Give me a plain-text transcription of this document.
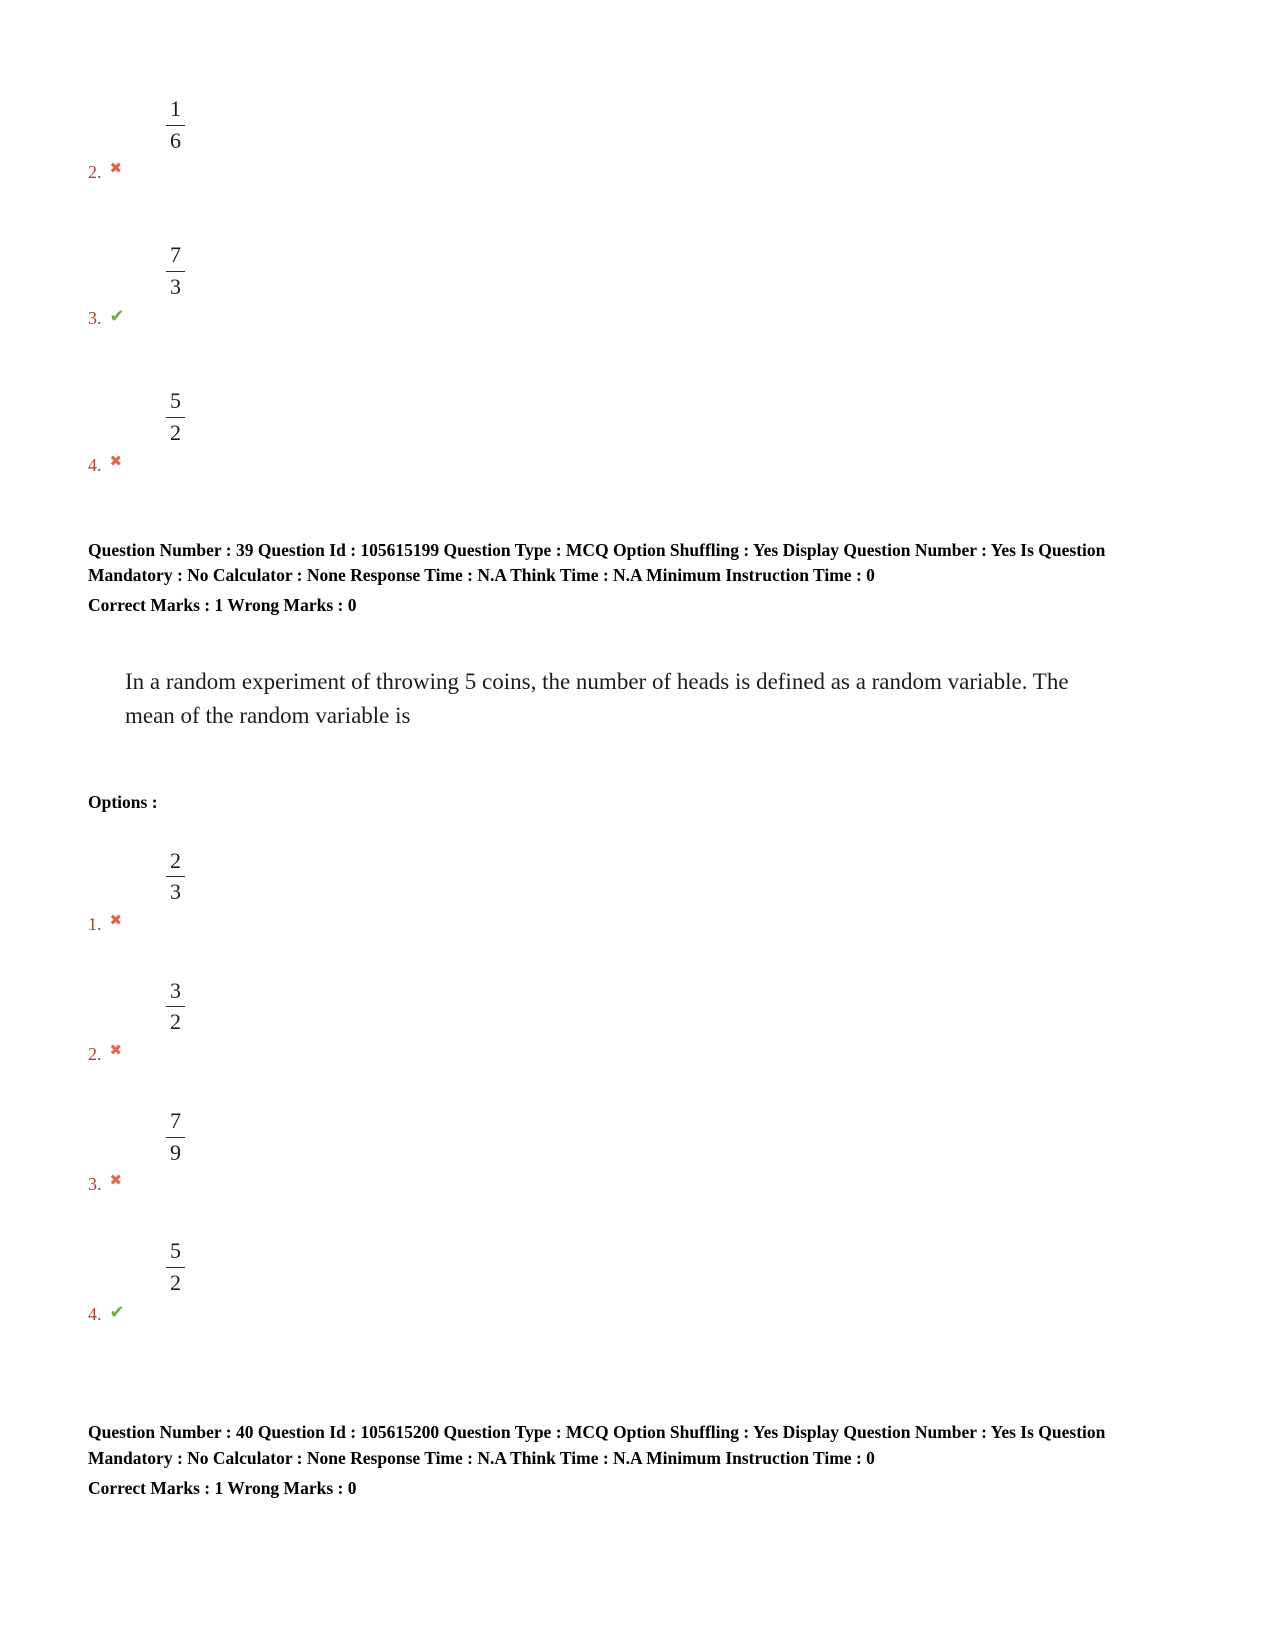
$\frac{1}{6}$
2. ✖
$\frac{7}{3}$
3. ✔
$\frac{5}{2}$
4. ✖

Question Number : 39 Question Id : 105615199 Question Type : MCQ Option Shuffling : Yes Display Question Number : Yes Is Question Mandatory : No Calculator : None Response Time : N.A Think Time : N.A Minimum Instruction Time : 0

Correct Marks : 1 Wrong Marks : 0

In a random experiment of throwing 5 coins, the number of heads is defined as a random variable. The mean of the random variable is

Options :

$\frac{2}{3}$
1. ✖
$\frac{3}{2}$
2. ✖
$\frac{7}{9}$
3. ✖
$\frac{5}{2}$
4. ✔

Question Number : 40 Question Id : 105615200 Question Type : MCQ Option Shuffling : Yes Display Question Number : Yes Is Question Mandatory : No Calculator : None Response Time : N.A Think Time : N.A Minimum Instruction Time : 0

Correct Marks : 1 Wrong Marks : 0
